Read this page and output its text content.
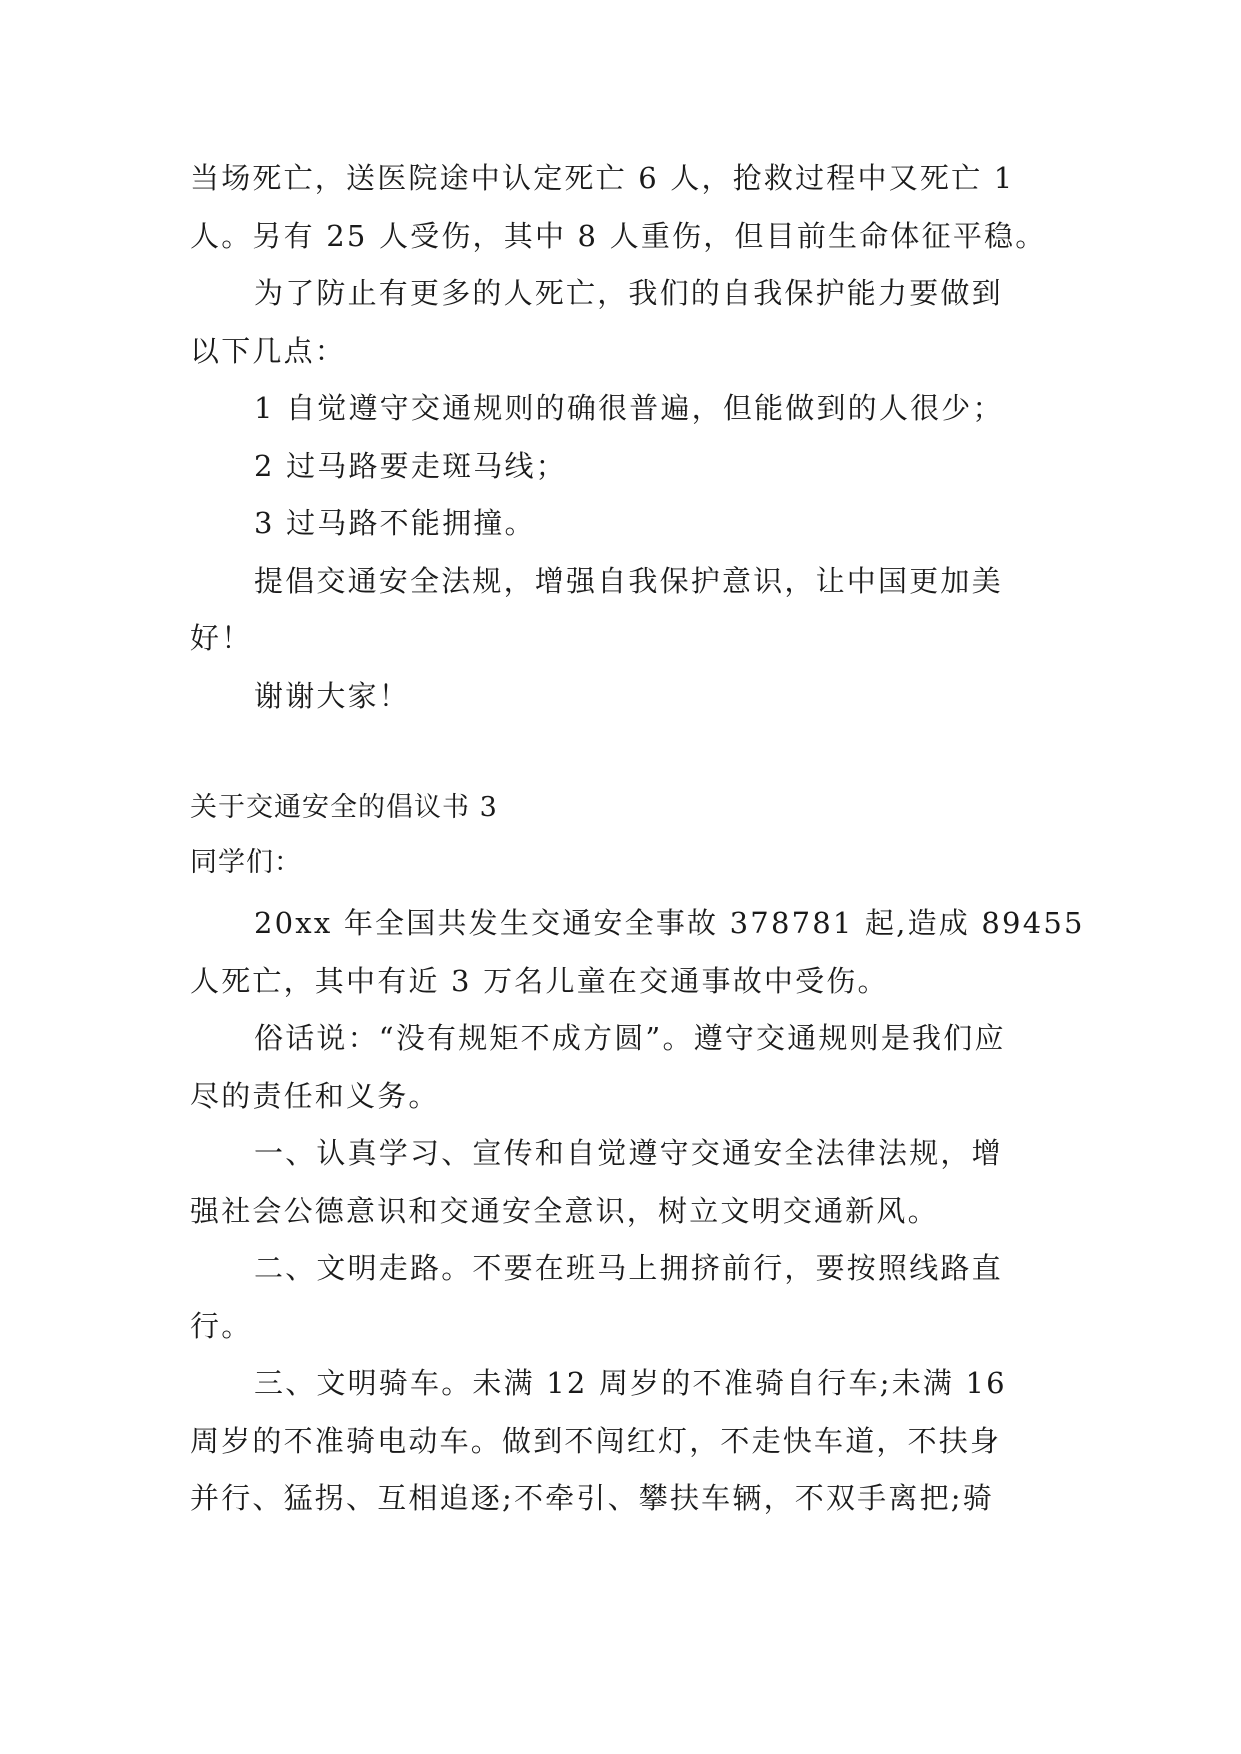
当场死亡，送医院途中认定死亡 6 人，抢救过程中又死亡 1
人。另有 25 人受伤，其中 8 人重伤，但目前生命体征平稳。
为了防止有更多的人死亡，我们的自我保护能力要做到
以下几点：
1 自觉遵守交通规则的确很普遍，但能做到的人很少；
2 过马路要走斑马线；
3 过马路不能拥撞。
提倡交通安全法规，增强自我保护意识，让中国更加美
好！
谢谢大家！
关于交通安全的倡议书 3
同学们：
20xx 年全国共发生交通安全事故 378781 起,造成 89455
人死亡，其中有近 3 万名儿童在交通事故中受伤。
俗话说：“没有规矩不成方圆”。遵守交通规则是我们应
尽的责任和义务。
一、认真学习、宣传和自觉遵守交通安全法律法规，增
强社会公德意识和交通安全意识，树立文明交通新风。
二、文明走路。不要在班马上拥挤前行，要按照线路直
行。
三、文明骑车。未满 12 周岁的不准骑自行车;未满 16
周岁的不准骑电动车。做到不闯红灯，不走快车道，不扶身
并行、猛拐、互相追逐;不牵引、攀扶车辆，不双手离把;骑
